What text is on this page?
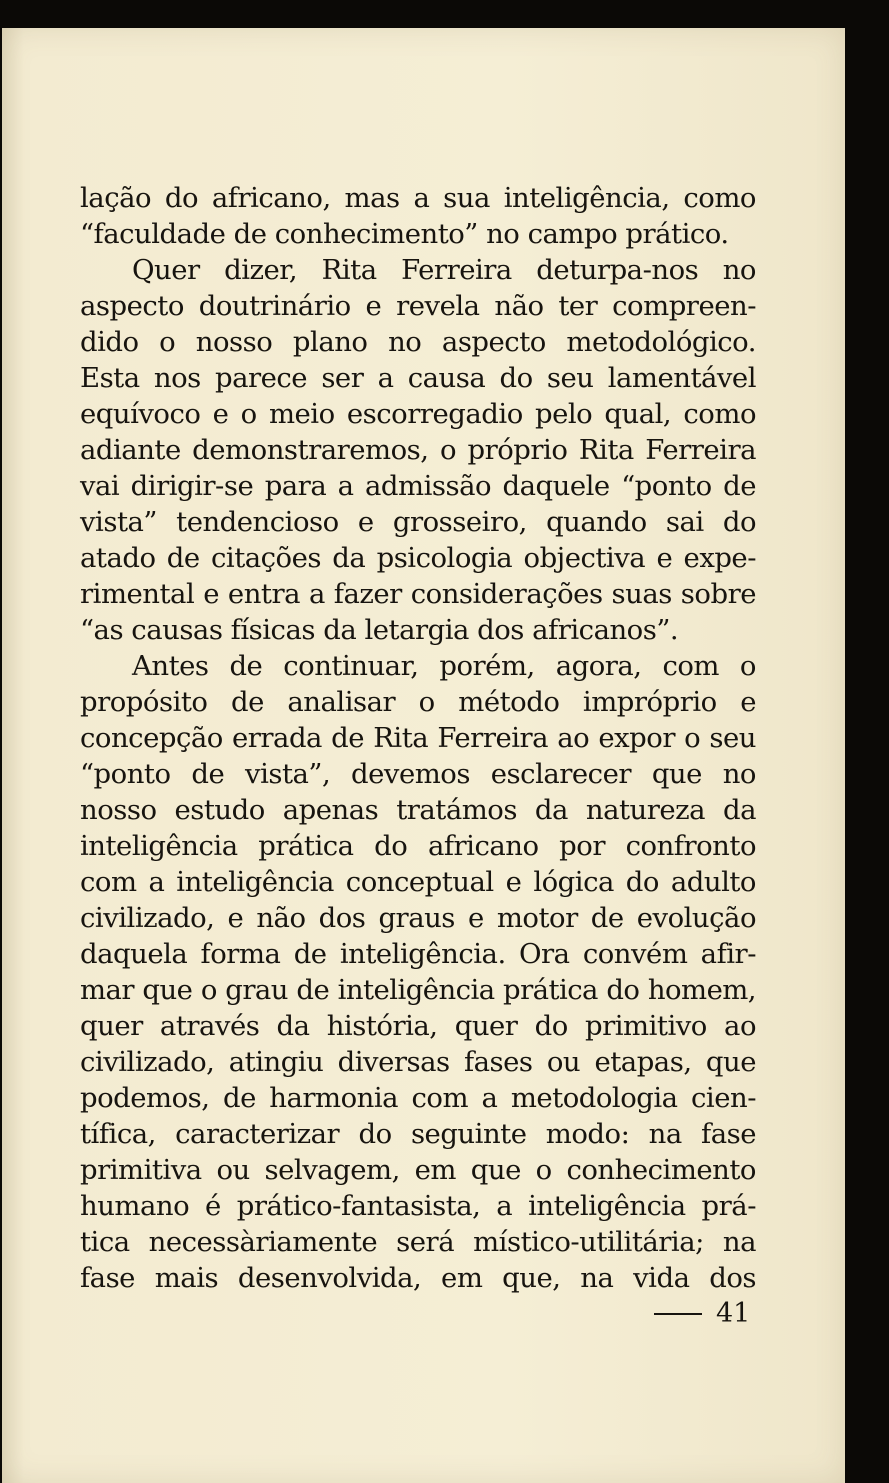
lação do africano, mas a sua inteligência, como
“faculdade de conhecimento” no campo prático.
Quer dizer, Rita Ferreira deturpa-nos no
aspecto doutrinário e revela não ter compreen-
dido o nosso plano no aspecto metodológico.
Esta nos parece ser a causa do seu lamentável
equívoco e o meio escorregadio pelo qual, como
adiante demonstraremos, o próprio Rita Ferreira
vai dirigir-se para a admissão daquele “ponto de
vista” tendencioso e grosseiro, quando sai do
atado de citações da psicologia objectiva e expe-
rimental e entra a fazer considerações suas sobre
“as causas físicas da letargia dos africanos”.
Antes de continuar, porém, agora, com o
propósito de analisar o método impróprio e
concepção errada de Rita Ferreira ao expor o seu
“ponto de vista”, devemos esclarecer que no
nosso estudo apenas tratámos da natureza da
inteligência prática do africano por confronto
com a inteligência conceptual e lógica do adulto
civilizado, e não dos graus e motor de evolução
daquela forma de inteligência. Ora convém afir-
mar que o grau de inteligência prática do homem,
quer através da história, quer do primitivo ao
civilizado, atingiu diversas fases ou etapas, que
podemos, de harmonia com a metodologia cien-
tífica, caracterizar do seguinte modo: na fase
primitiva ou selvagem, em que o conhecimento
humano é prático-fantasista, a inteligência prá-
tica necessàriamente será místico-utilitária; na
fase mais desenvolvida, em que, na vida dos
41
